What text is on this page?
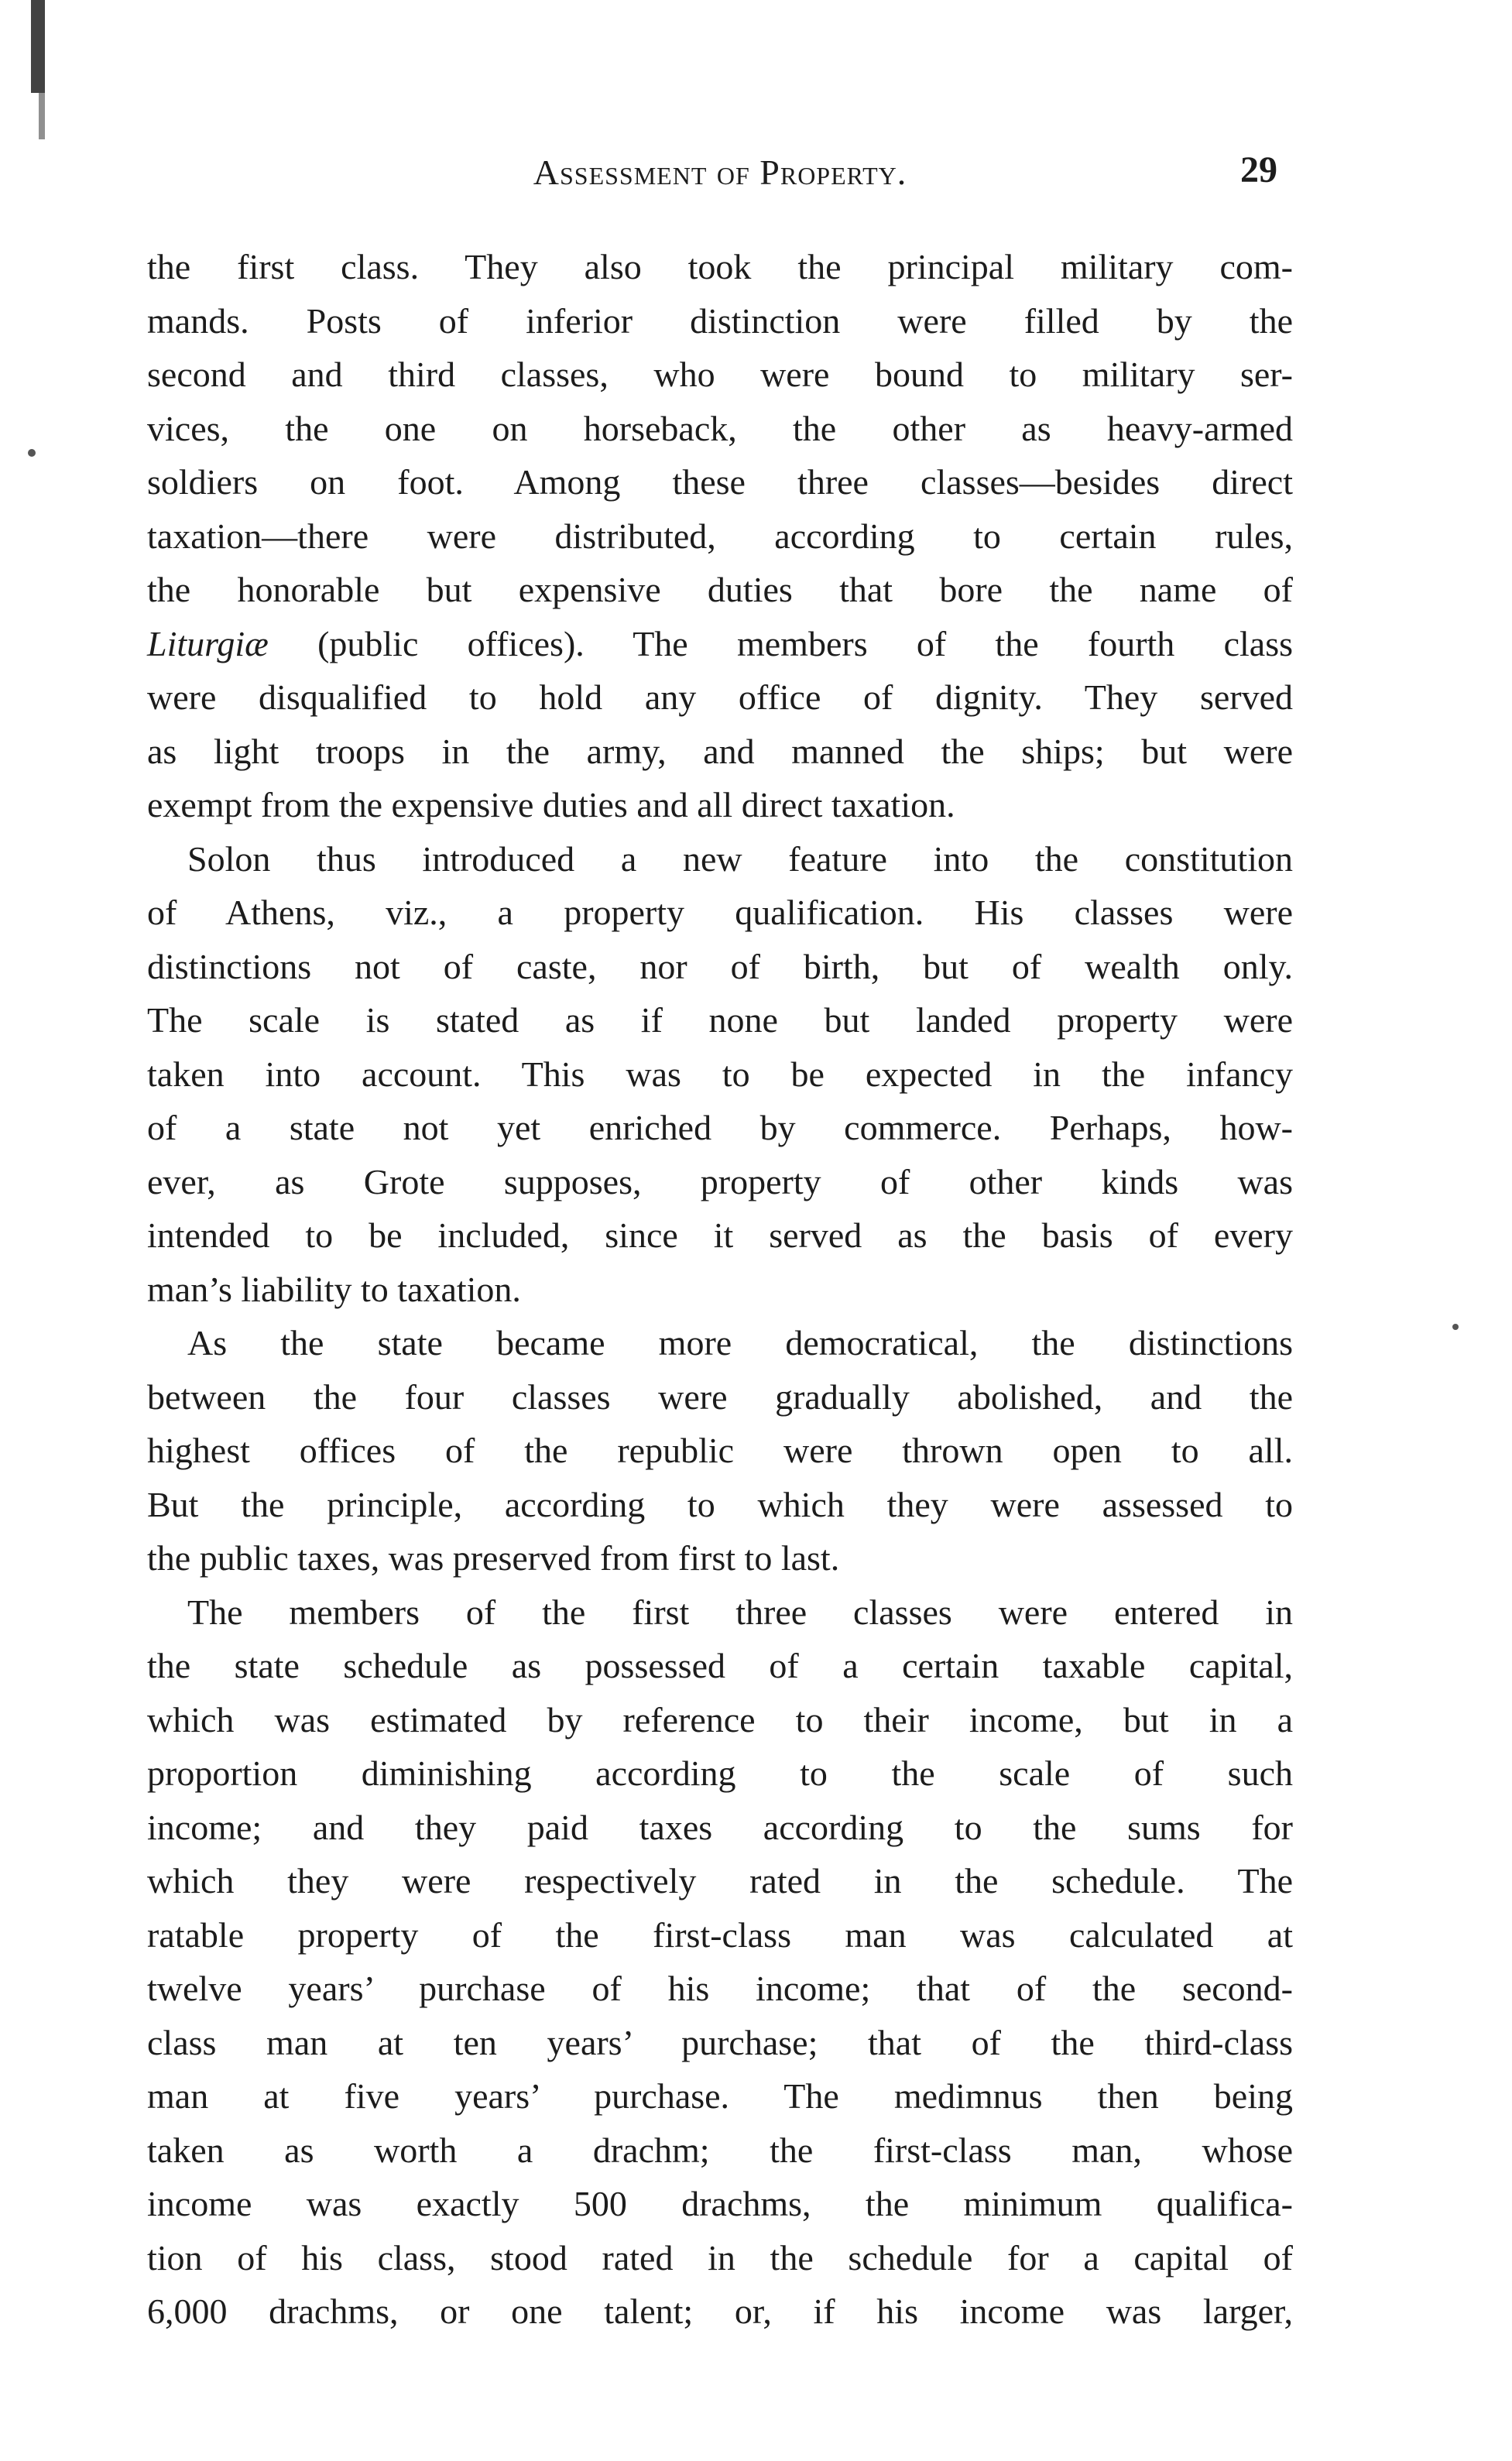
Assessment of Property.	29
the first class. They also took the principal military com-
mands. Posts of inferior distinction were filled by the
second and third classes, who were bound to military ser-
vices, the one on horseback, the other as heavy-armed
soldiers on foot. Among these three classes—besides direct
taxation—there were distributed, according to certain rules,
the honorable but expensive duties that bore the name of
Liturgiæ (public offices). The members of the fourth class
were disqualified to hold any office of dignity. They served
as light troops in the army, and manned the ships; but were
exempt from the expensive duties and all direct taxation.
Solon thus introduced a new feature into the constitution
of Athens, viz., a property qualification. His classes were
distinctions not of caste, nor of birth, but of wealth only.
The scale is stated as if none but landed property were
taken into account. This was to be expected in the infancy
of a state not yet enriched by commerce. Perhaps, how-
ever, as Grote supposes, property of other kinds was
intended to be included, since it served as the basis of every
man’s liability to taxation.
As the state became more democratical, the distinctions
between the four classes were gradually abolished, and the
highest offices of the republic were thrown open to all.
But the principle, according to which they were assessed to
the public taxes, was preserved from first to last.
The members of the first three classes were entered in
the state schedule as possessed of a certain taxable capital,
which was estimated by reference to their income, but in a
proportion diminishing according to the scale of such
income; and they paid taxes according to the sums for
which they were respectively rated in the schedule. The
ratable property of the first-class man was calculated at
twelve years’ purchase of his income; that of the second-
class man at ten years’ purchase; that of the third-class
man at five years’ purchase. The medimnus then being
taken as worth a drachm; the first-class man, whose
income was exactly 500 drachms, the minimum qualifica-
tion of his class, stood rated in the schedule for a capital of
6,000 drachms, or one talent; or, if his income was larger,
